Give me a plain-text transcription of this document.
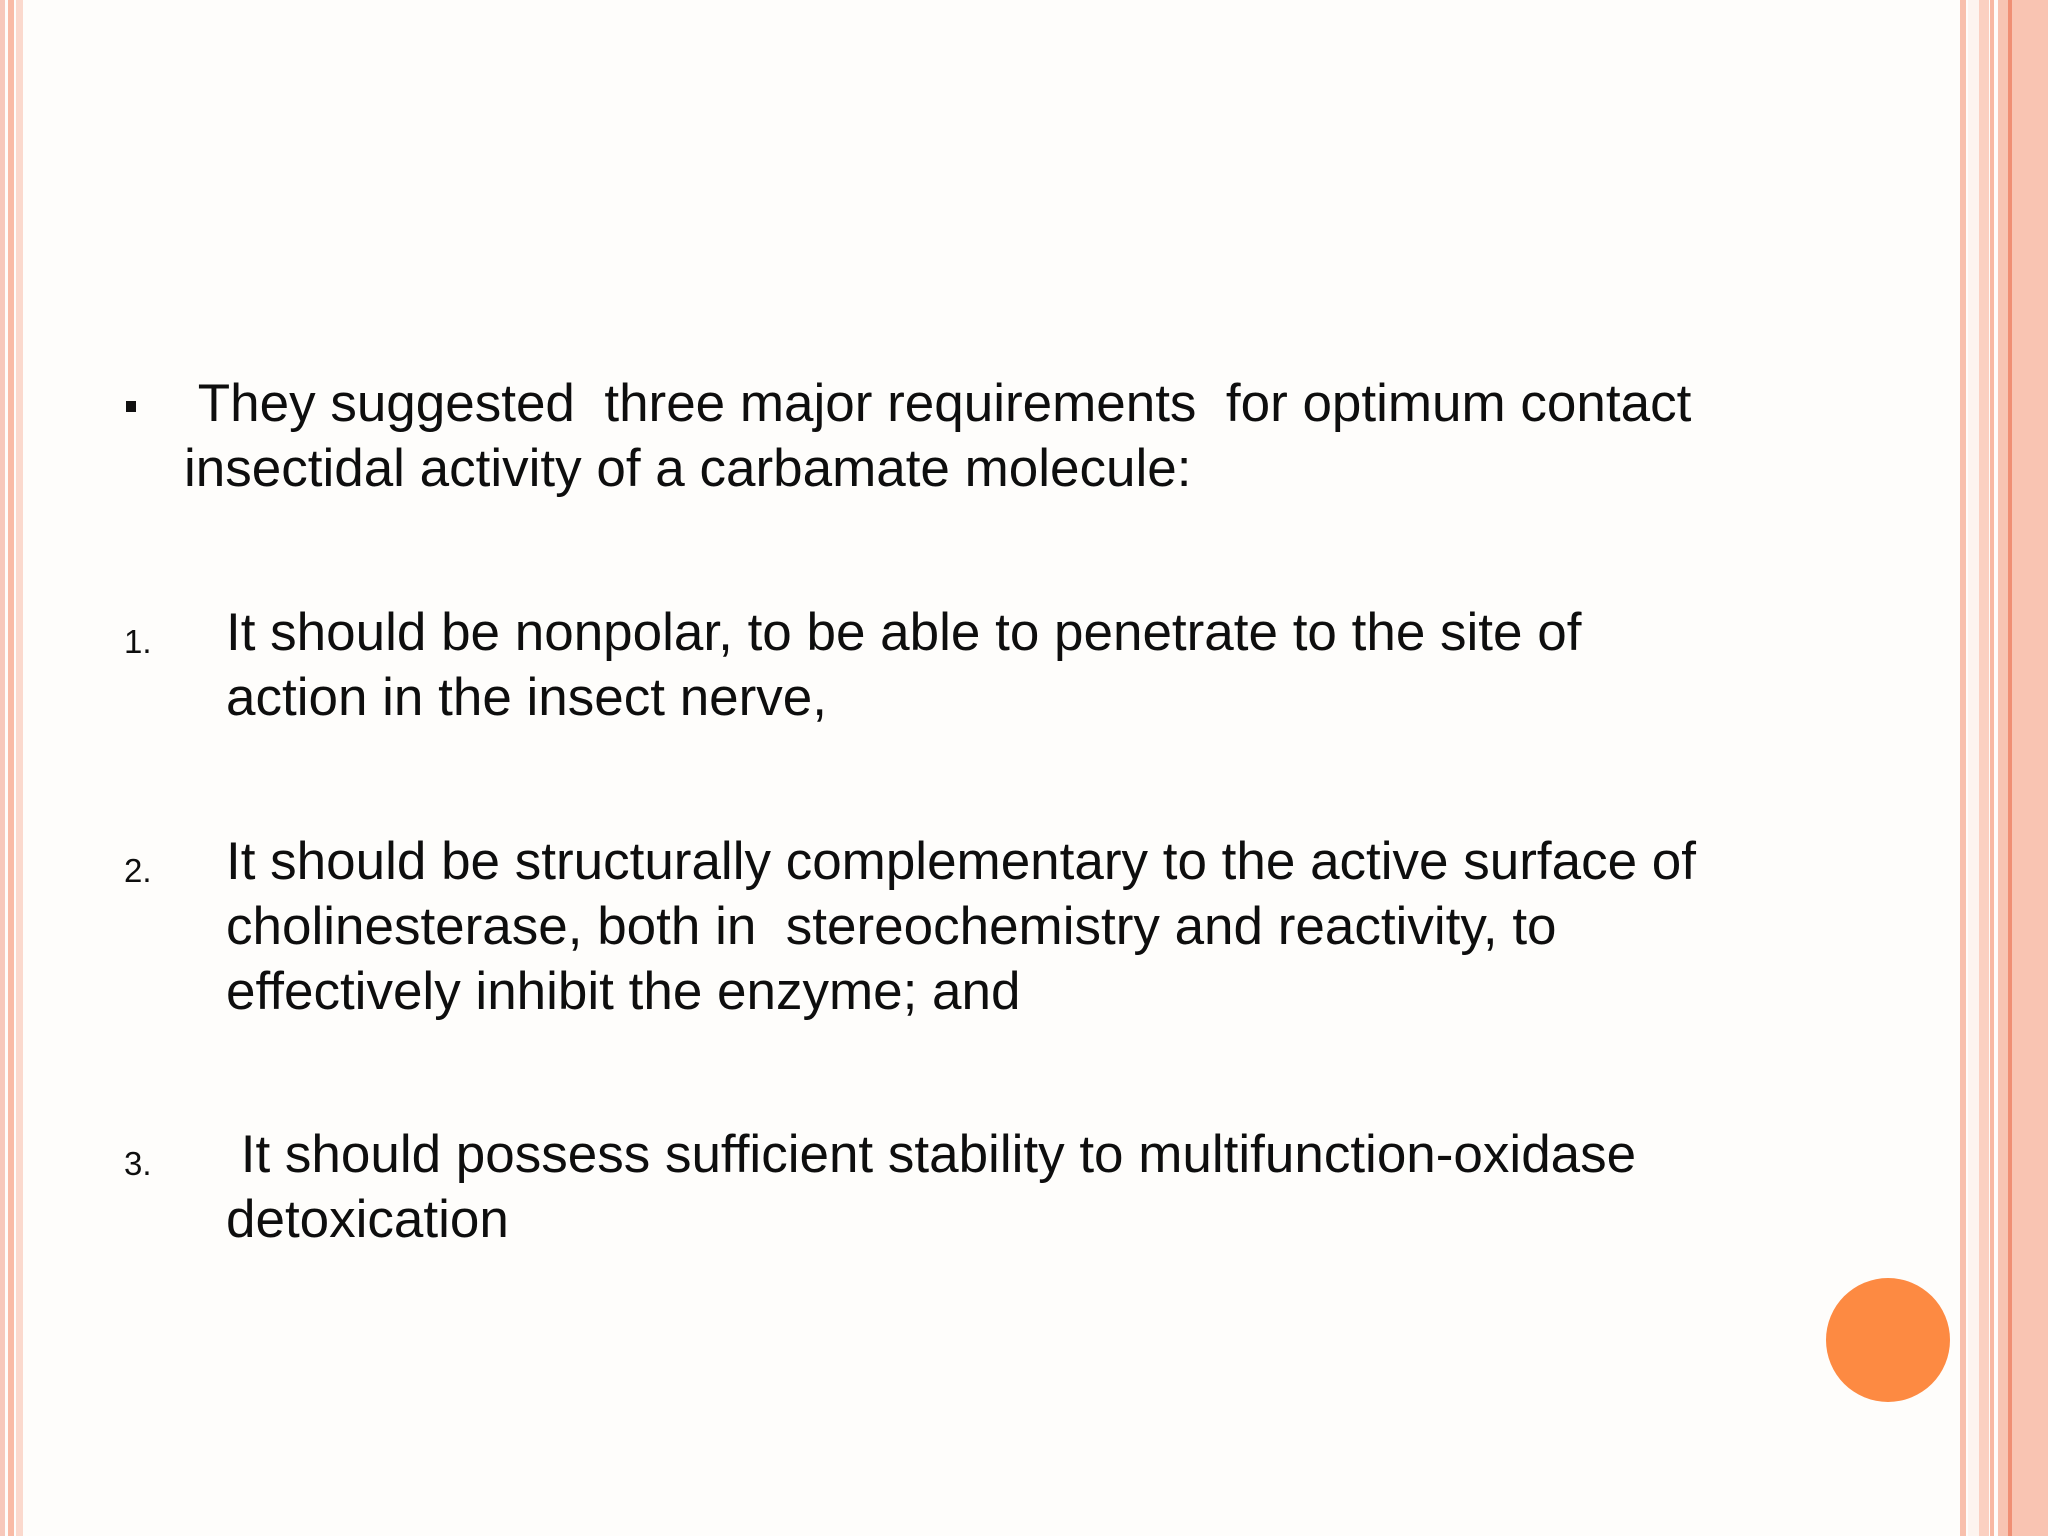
They suggested  three major requirements  for optimum contact
insectidal activity of a carbamate molecule:
1. It should be nonpolar, to be able to penetrate to the site of
action in the insect nerve,
2. It should be structurally complementary to the active surface of
cholinesterase, both in  stereochemistry and reactivity, to
effectively inhibit the enzyme; and
3. It should possess sufficient stability to multifunction-oxidase
detoxication
